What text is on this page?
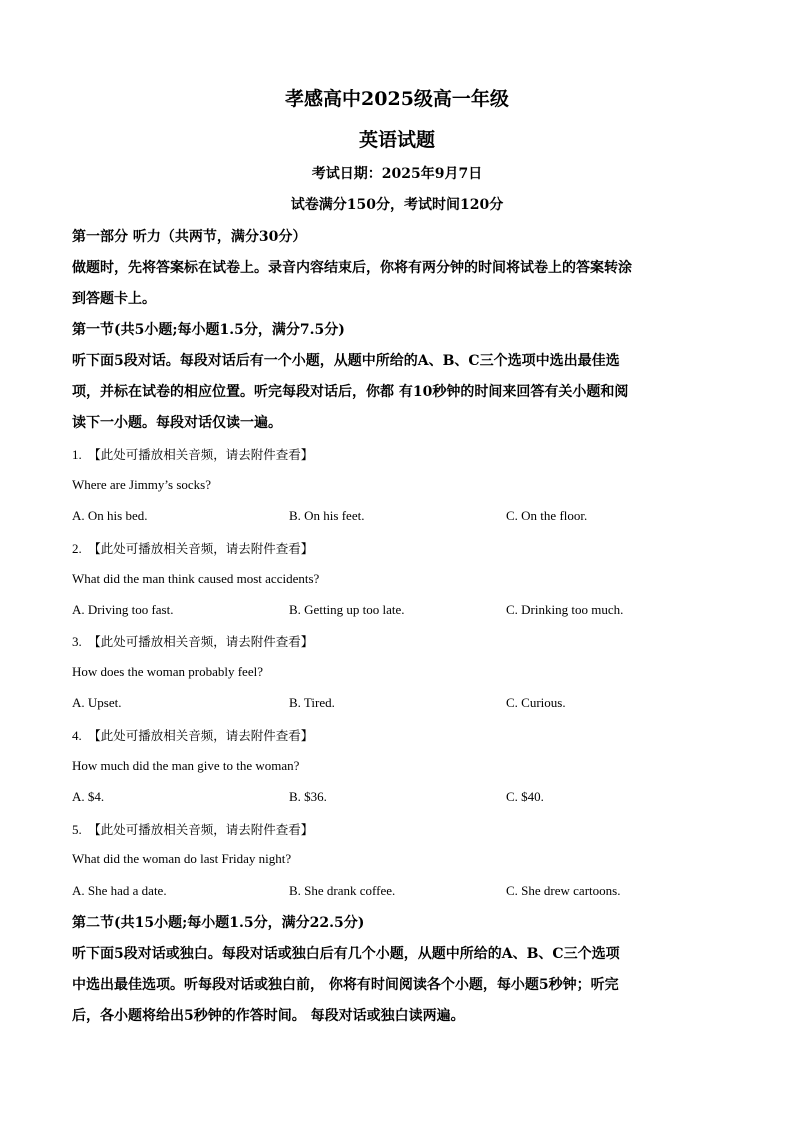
孝感高中2025级高一年级
英语试题
考试日期：2025年9月7日
试卷满分150分，考试时间120分
第一部分 听力（共两节，满分30分）
做题时，先将答案标在试卷上。录音内容结束后，你将有两分钟的时间将试卷上的答案转涂
到答题卡上。
第一节(共5小题;每小题1.5分，满分7.5分)
听下面5段对话。每段对话后有一个小题，从题中所给的A、B、C三个选项中选出最佳选
项，并标在试卷的相应位置。听完每段对话后，你都 有10秒钟的时间来回答有关小题和阅
读下一小题。每段对话仅读一遍。
1. 【此处可播放相关音频，请去附件查看】
Where are Jimmy’s socks?
A. On his bed.	B. On his feet.	C. On the floor.
2. 【此处可播放相关音频，请去附件查看】
What did the man think caused most accidents?
A. Driving too fast.	B. Getting up too late.	C. Drinking too much.
3. 【此处可播放相关音频，请去附件查看】
How does the woman probably feel?
A. Upset.	B. Tired.	C. Curious.
4. 【此处可播放相关音频，请去附件查看】
How much did the man give to the woman?
A. $4.	B. $36.	C. $40.
5. 【此处可播放相关音频，请去附件查看】
What did the woman do last Friday night?
A. She had a date.	B. She drank coffee.	C. She drew cartoons.
第二节(共15小题;每小题1.5分，满分22.5分)
听下面5段对话或独白。每段对话或独白后有几个小题，从题中所给的A、B、C三个选项
中选出最佳选项。听每段对话或独白前， 你将有时间阅读各个小题，每小题5秒钟；听完
后，各小题将给出5秒钟的作答时间。 每段对话或独白读两遍。
